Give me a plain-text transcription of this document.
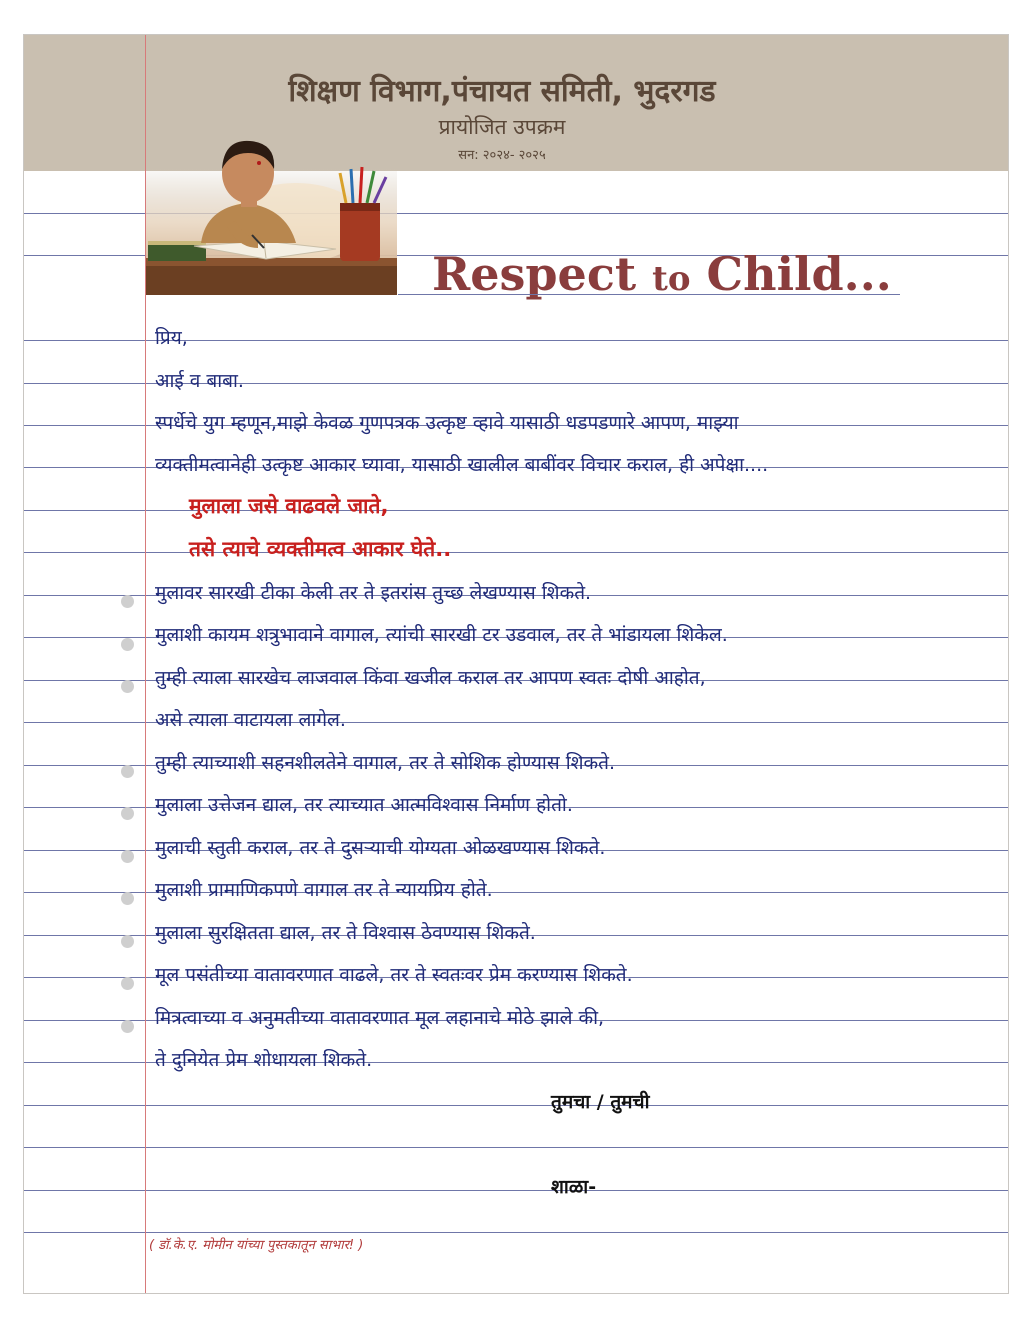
शिक्षण विभाग,पंचायत समिती, भुदरगड
प्रायोजित उपक्रम
सन: २०२४- २०२५
Respect to Child...
प्रिय,
आई व बाबा.
स्पर्धेचे युग म्हणून,माझे केवळ गुणपत्रक उत्कृष्ट व्हावे यासाठी धडपडणारे आपण, माझ्या
व्यक्तीमत्वानेही उत्कृष्ट आकार घ्यावा, यासाठी खालील बाबींवर विचार कराल, ही अपेक्षा....
मुलाला जसे वाढवले जाते,
तसे त्याचे व्यक्तीमत्व आकार घेते..
मुलावर सारखी टीका केली तर ते इतरांस तुच्छ लेखण्यास शिकते.
मुलाशी कायम शत्रुभावाने वागाल, त्यांची सारखी टर उडवाल, तर ते भांडायला शिकेल.
तुम्ही त्याला सारखेच लाजवाल किंवा खजील कराल तर आपण स्वतः दोषी आहोत,
असे त्याला वाटायला लागेल.
तुम्ही त्याच्याशी सहनशीलतेने वागाल, तर ते सोशिक होण्यास शिकते.
मुलाला उत्तेजन द्याल, तर त्याच्यात आत्मविश्वास निर्माण होतो.
मुलाची स्तुती कराल, तर ते दुसऱ्याची योग्यता ओळखण्यास शिकते.
मुलाशी प्रामाणिकपणे वागाल तर ते न्यायप्रिय होते.
मुलाला सुरक्षितता द्याल, तर ते विश्वास ठेवण्यास शिकते.
मूल पसंतीच्या वातावरणात वाढले, तर ते स्वतःवर प्रेम करण्यास शिकते.
मित्रत्वाच्या व अनुमतीच्या वातावरणात मूल लहानाचे मोठे झाले की,
ते दुनियेत प्रेम शोधायला शिकते.
तुमचा / तुमची
शाळा-
( डॉ.के.ए. मोमीन यांच्या पुस्तकातून साभार! )
